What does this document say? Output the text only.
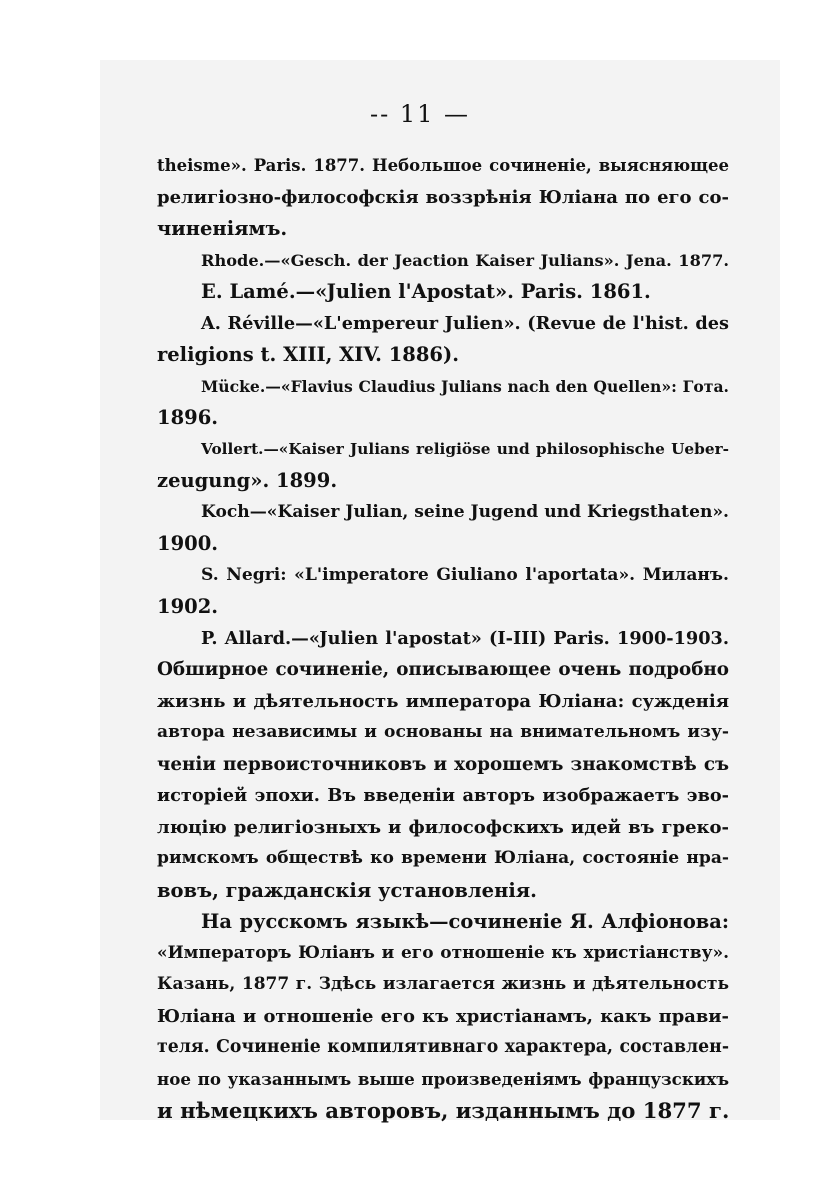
-- 11 —
thеisme». Paris. 1877. Небольшое сочиненiе, выясняющее
религiозно-философскiя воззрѣнiя Юлiана по его со-
чиненiямъ.
Rhode.—«Gesch. der Jeaction Kaiser Julians». Jena. 1877.
E. Lamé.—«Julien l'Apostat». Paris. 1861.
A. Réville—«L'empereur Julien». (Revue de l'hist. des
religions t. XIII, XIV. 1886).
Mücke.—«Flavius Claudius Julians nach den Quellen»: Гота.
1896.
Vollert.—«Kaiser Julians religiöse und philosophische Ueber-
zeugung». 1899.
Koch—«Kaiser Julian, seine Jugend und Kriegsthaten».
1900.
S. Negri: «L'imperatore Giuliano l'aportata». Миланъ.
1902.
P. Allard.—«Julien l'apostat» (I-III) Paris. 1900-1903.
Обширное сочиненiе, описывающее очень подробно
жизнь и дѣятельность императора Юлiана: сужденiя
автора независимы и основаны на внимательномъ изу-
ченiи первоисточниковъ и хорошемъ знакомствѣ съ
исторiей эпохи. Въ введенiи авторъ изображаетъ эво-
люцiю религiозныхъ и философскихъ идей въ греко-
римскомъ обществѣ ко времени Юлiана, состоянiе нра-
вовъ, гражданскiя установленiя.
На русскомъ языкѣ—сочиненiе Я. Алфiонова:
«Императоръ Юлiанъ и его отношенiе къ христiанству».
Казань, 1877 г. Здѣсь излагается жизнь и дѣятельность
Юлiана и отношенiе его къ христiанамъ, какъ прави-
теля. Сочиненiе компилятивнаго характера, составлен-
ное по указаннымъ выше произведенiямъ французскихъ
и нѣмецкихъ авторовъ, изданнымъ до 1877 г.
